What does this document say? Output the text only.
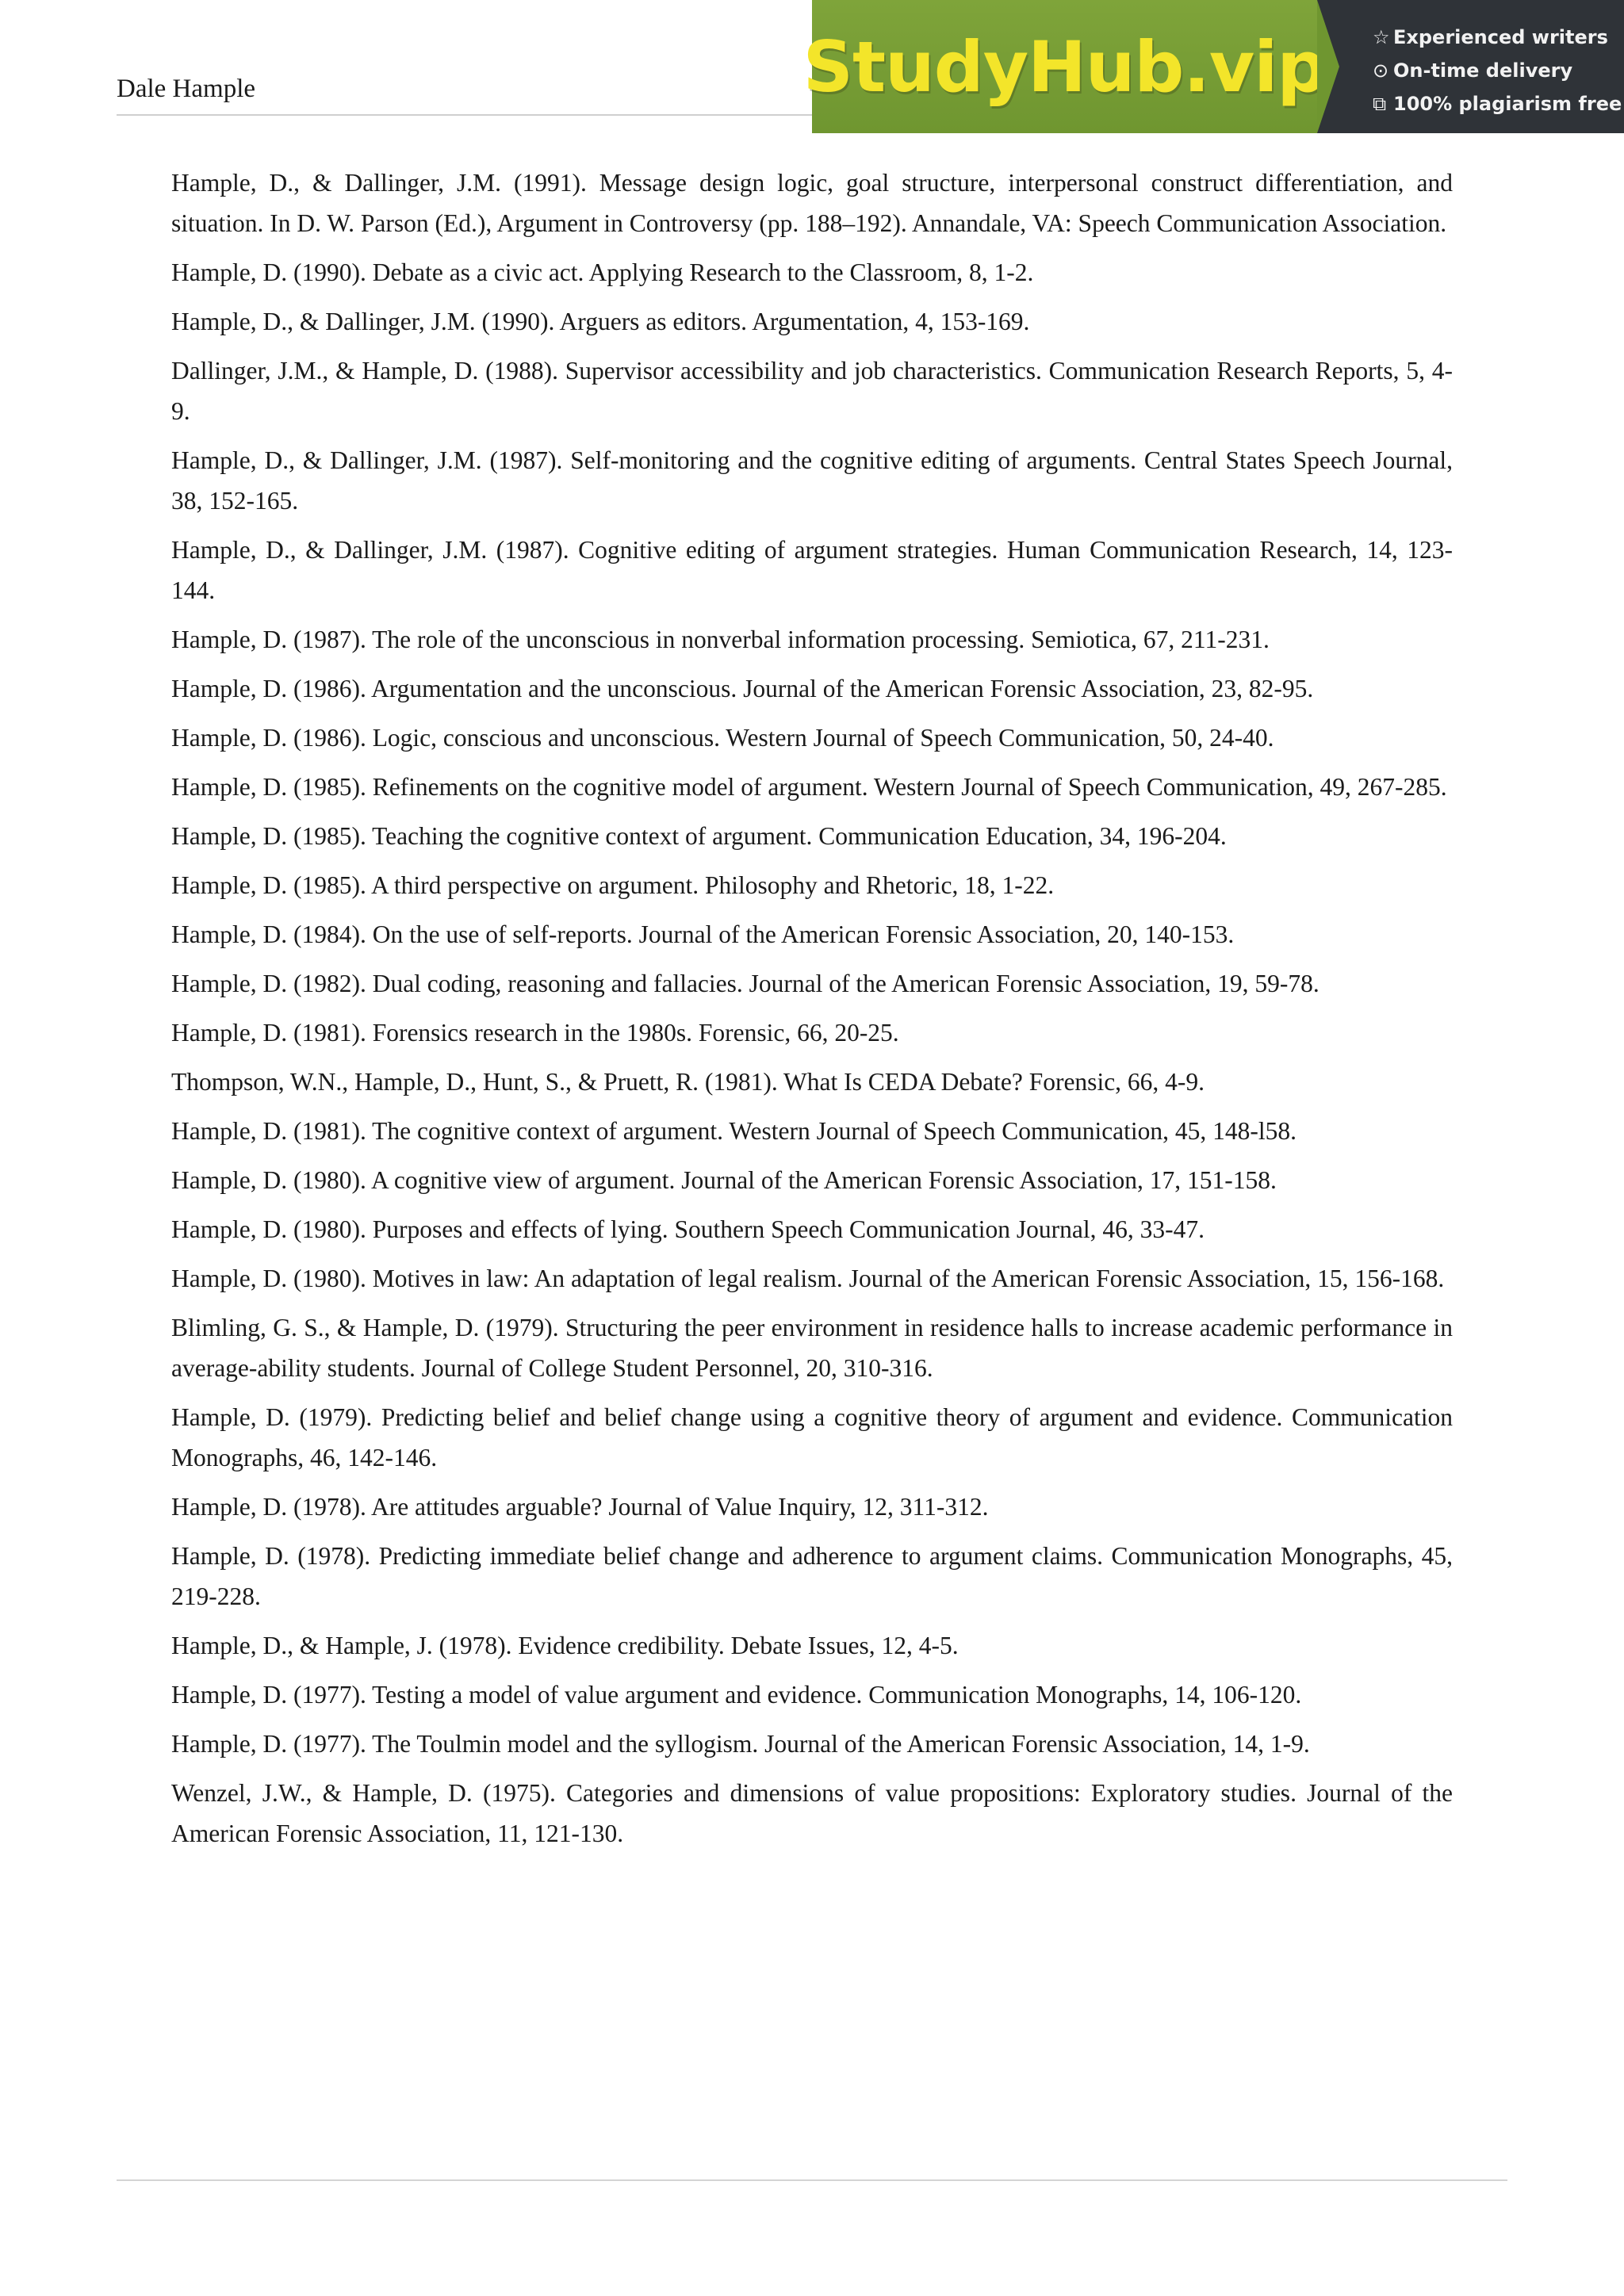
Dale Hample	StudyHub.vip ☆ Experienced writers
⊙ On-time delivery
⧉ 100% plagiarism free

Hample, D., & Dallinger, J.M. (1991). Message design logic, goal structure, interpersonal construct differentiation, and situation. In D. W. Parson (Ed.), Argument in Controversy (pp. 188–192). Annandale, VA: Speech Communication Association.

Hample, D. (1990). Debate as a civic act. Applying Research to the Classroom, 8, 1-2.

Hample, D., & Dallinger, J.M. (1990). Arguers as editors. Argumentation, 4, 153-169.

Dallinger, J.M., & Hample, D. (1988). Supervisor accessibility and job characteristics. Communication Research Reports, 5, 4-9.

Hample, D., & Dallinger, J.M. (1987). Self-monitoring and the cognitive editing of arguments. Central States Speech Journal, 38, 152-165.

Hample, D., & Dallinger, J.M. (1987). Cognitive editing of argument strategies. Human Communication Research, 14, 123-144.

Hample, D. (1987). The role of the unconscious in nonverbal information processing. Semiotica, 67, 211-231.

Hample, D. (1986). Argumentation and the unconscious. Journal of the American Forensic Association, 23, 82-95.

Hample, D. (1986). Logic, conscious and unconscious. Western Journal of Speech Communication, 50, 24-40.

Hample, D. (1985). Refinements on the cognitive model of argument. Western Journal of Speech Communication, 49, 267-285.

Hample, D. (1985). Teaching the cognitive context of argument. Communication Education, 34, 196-204.

Hample, D. (1985). A third perspective on argument. Philosophy and Rhetoric, 18, 1-22.

Hample, D. (1984). On the use of self-reports. Journal of the American Forensic Association, 20, 140-153.

Hample, D. (1982). Dual coding, reasoning and fallacies. Journal of the American Forensic Association, 19, 59-78.

Hample, D. (1981). Forensics research in the 1980s. Forensic, 66, 20-25.

Thompson, W.N., Hample, D., Hunt, S., & Pruett, R. (1981). What Is CEDA Debate? Forensic, 66, 4-9.

Hample, D. (1981). The cognitive context of argument. Western Journal of Speech Communication, 45, 148-l58.

Hample, D. (1980). A cognitive view of argument. Journal of the American Forensic Association, 17, 151-158.

Hample, D. (1980). Purposes and effects of lying. Southern Speech Communication Journal, 46, 33-47.

Hample, D. (1980). Motives in law: An adaptation of legal realism. Journal of the American Forensic Association, 15, 156-168.

Blimling, G. S., & Hample, D. (1979). Structuring the peer environment in residence halls to increase academic performance in average-ability students. Journal of College Student Personnel, 20, 310-316.

Hample, D. (1979). Predicting belief and belief change using a cognitive theory of argument and evidence. Communication Monographs, 46, 142-146.

Hample, D. (1978). Are attitudes arguable? Journal of Value Inquiry, 12, 311-312.

Hample, D. (1978). Predicting immediate belief change and adherence to argument claims. Communication Monographs, 45, 219-228.

Hample, D., & Hample, J. (1978). Evidence credibility. Debate Issues, 12, 4-5.

Hample, D. (1977). Testing a model of value argument and evidence. Communication Monographs, 14, 106-120.

Hample, D. (1977). The Toulmin model and the syllogism. Journal of the American Forensic Association, 14, 1-9.

Wenzel, J.W., & Hample, D. (1975). Categories and dimensions of value propositions: Exploratory studies. Journal of the American Forensic Association, 11, 121-130.
